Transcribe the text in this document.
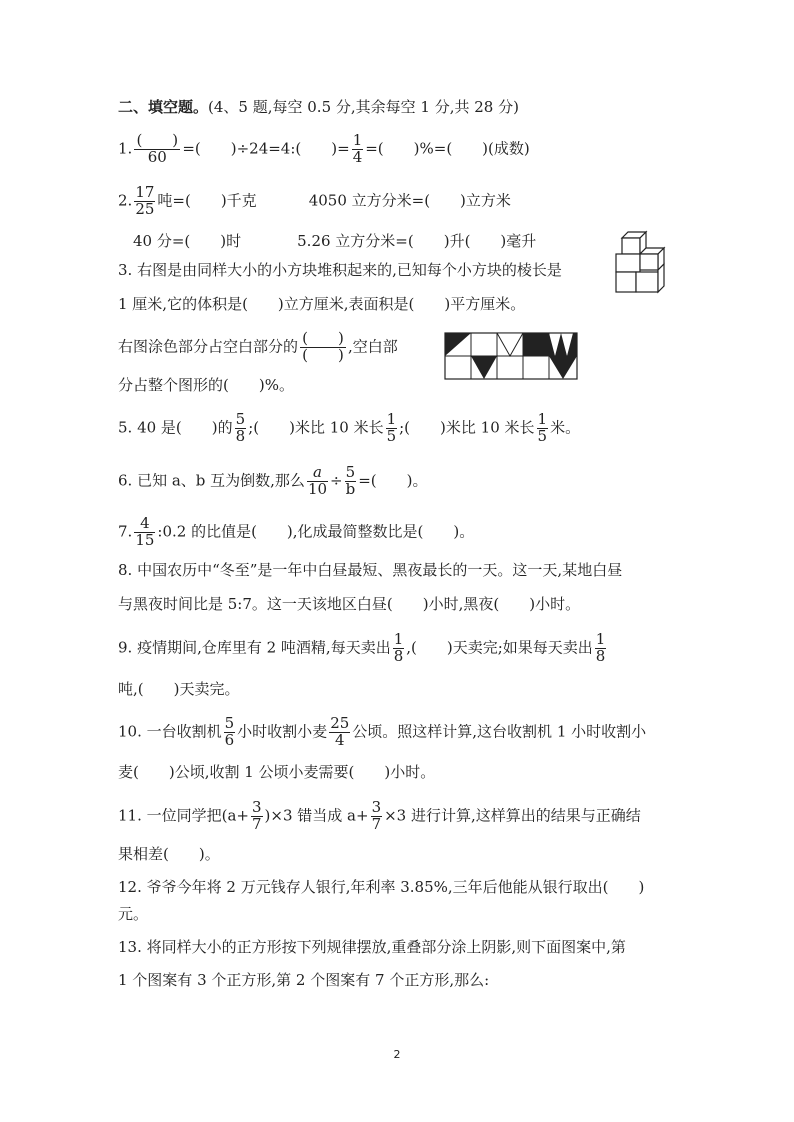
二、填空题。(4、5 题,每空 0.5 分,其余每空 1 分,共 28 分)
1. $\frac{( )}{60}$ =(　　)÷24=4:(　　)= $\frac{1}{4}$ =(　　)%=(　　)(成数)
2. $\frac{17}{25}$ 吨=(　　)千克	4050 立方分米=(　　)立方米
40 分=(　　)时	5.26 立方分米=(　　)升(　　)毫升
3. 右图是由同样大小的小方块堆积起来的,已知每个小方块的棱长是
1 厘米,它的体积是(　　)立方厘米,表面积是(　　)平方厘米。
右图涂色部分占空白部分的 $\frac{( )}{( )}$ ,空白部
分占整个图形的(　　)%。
5. 40 是(　　)的 $\frac{5}{8}$ ;(　　)米比 10 米长 $\frac{1}{5}$ ;(　　)米比 10 米长 $\frac{1}{5}$ 米。
6. 已知 a、b 互为倒数,那么 $\frac{a}{10} \div \frac{5}{b}$ =(　　)。
7. $\frac{4}{15}$ :0.2 的比值是(　　),化成最简整数比是(　　)。
8. 中国农历中“冬至”是一年中白昼最短、黑夜最长的一天。这一天,某地白昼
与黑夜时间比是 5:7。这一天该地区白昼(　　)小时,黑夜(　　)小时。
9. 疫情期间,仓库里有 2 吨酒精,每天卖出 $\frac{1}{8}$ ,(　　)天卖完;如果每天卖出 $\frac{1}{8}$
吨,(　　)天卖完。
10. 一台收割机 $\frac{5}{6}$ 小时收割小麦 $\frac{25}{4}$ 公顷。照这样计算,这台收割机 1 小时收割小
麦(　　)公顷,收割 1 公顷小麦需要(　　)小时。
11. 一位同学把$(a+ \frac{3}{7} )\times 3$ 错当成 $a+ \frac{3}{7} \times 3$ 进行计算,这样算出的结果与正确结
果相差(　　)。
12. 爷爷今年将 2 万元钱存人银行,年利率 3.85%,三年后他能从银行取出(　　)
元。
13. 将同样大小的正方形按下列规律摆放,重叠部分涂上阴影,则下面图案中,第
1 个图案有 3 个正方形,第 2 个图案有 7 个正方形,那么:
2
